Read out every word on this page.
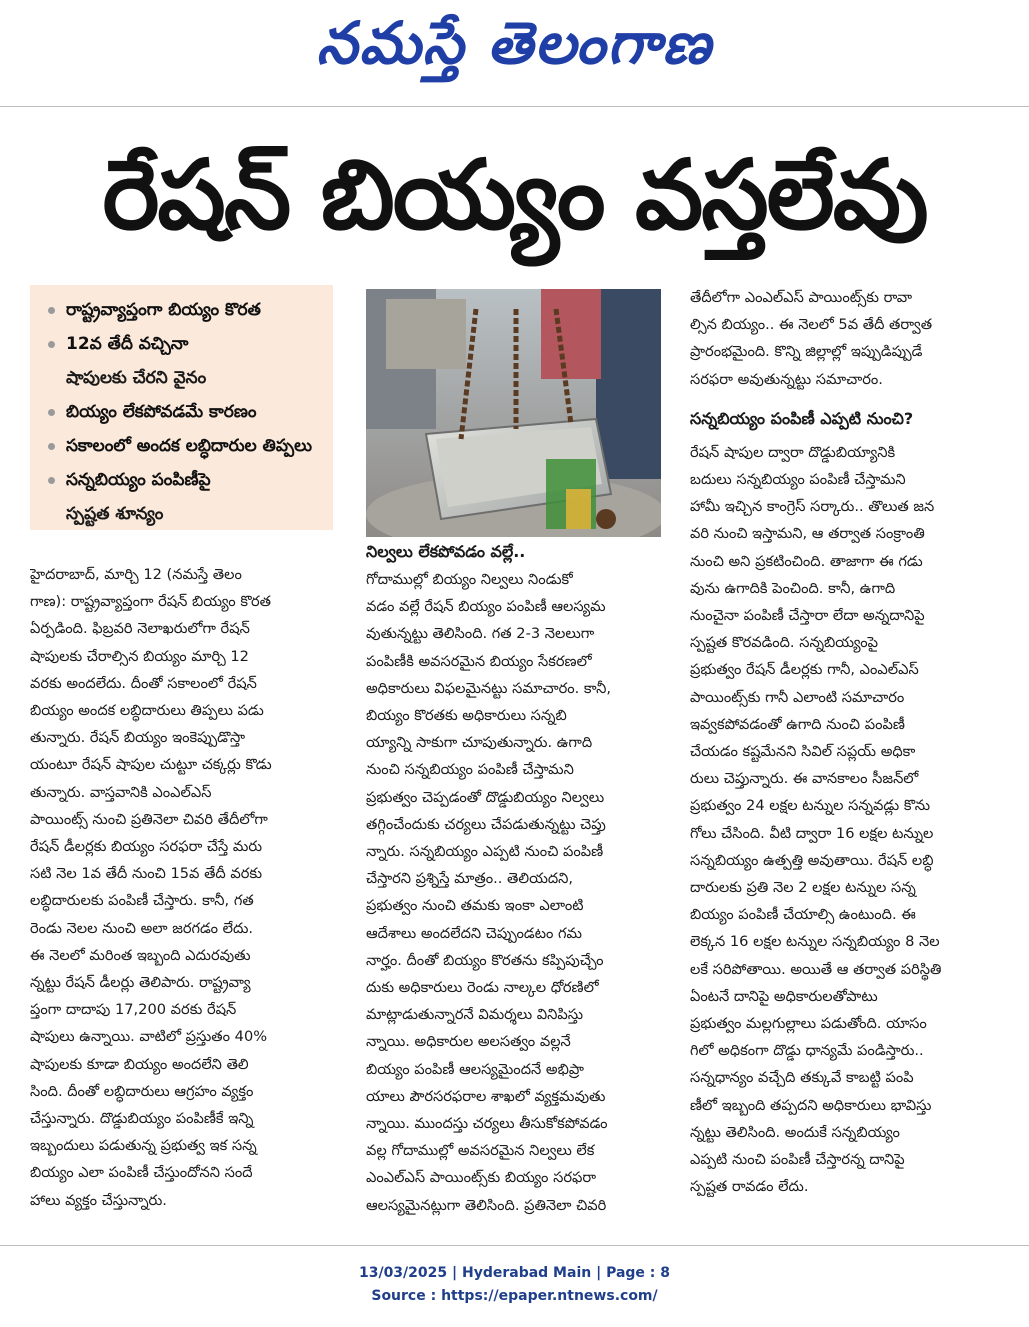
నమస్తే తెలంగాణ
రేషన్ బియ్యం వస్తలేవు
రాష్ట్రవ్యాప్తంగా బియ్యం కొరత
12వ తేదీ వచ్చినా
షాపులకు చేరని వైనం
బియ్యం లేకపోవడమే కారణం
సకాలంలో అందక లబ్ధిదారుల తిప్పలు
సన్నబియ్యం పంపిణీపై
స్పష్టత శూన్యం
హైదరాబాద్, మార్చి 12 (నమస్తే తెలం
గాణ): రాష్ట్రవ్యాప్తంగా రేషన్ బియ్యం కొరత
ఏర్పడింది. ఫిబ్రవరి నెలాఖరులోగా రేషన్
షాపులకు చేరాల్సిన బియ్యం మార్చి 12
వరకు అందలేదు. దీంతో సకాలంలో రేషన్
బియ్యం అందక లబ్ధిదారులు తిప్పలు పడు
తున్నారు. రేషన్ బియ్యం ఇంకెప్పుడొస్తా
యంటూ రేషన్ షాపుల చుట్టూ చక్కర్లు కొడు
తున్నారు. వాస్తవానికి ఎంఎల్ఎస్
పాయింట్స్ నుంచి ప్రతినెలా చివరి తేదీలోగా
రేషన్ డీలర్లకు బియ్యం సరఫరా చేస్తే మరు
సటి నెల 1వ తేదీ నుంచి 15వ తేదీ వరకు
లబ్ధిదారులకు పంపిణీ చేస్తారు. కానీ, గత
రెండు నెలల నుంచి అలా జరగడం లేదు.
ఈ నెలలో మరింత ఇబ్బంది ఎదురవుతు
న్నట్టు రేషన్ డీలర్లు తెలిపారు. రాష్ట్రవ్యా
ప్తంగా దాదాపు 17,200 వరకు రేషన్
షాపులు ఉన్నాయి. వాటిలో ప్రస్తుతం 40%
షాపులకు కూడా బియ్యం అందలేని తెలి
సింది. దీంతో లబ్ధిదారులు ఆగ్రహం వ్యక్తం
చేస్తున్నారు. దొడ్డుబియ్యం పంపిణీకే ఇన్ని
ఇబ్బందులు పడుతున్న ప్రభుత్వ ఇక సన్న
బియ్యం ఎలా పంపిణీ చేస్తుందోనని సందే
హాలు వ్యక్తం చేస్తున్నారు.
నిల్వలు లేకపోవడం వల్లే..
గోదాముల్లో బియ్యం నిల్వలు నిండుకో
వడం వల్లే రేషన్ బియ్యం పంపిణీ ఆలస్యమ
వుతున్నట్టు తెలిసింది. గత 2-3 నెలలుగా
పంపిణీకి అవసరమైన బియ్యం సేకరణలో
అధికారులు విఫలమైనట్టు సమాచారం. కానీ,
బియ్యం కొరతకు అధికారులు సన్నబి
య్యాన్ని సాకుగా చూపుతున్నారు. ఉగాది
నుంచి సన్నబియ్యం పంపిణీ చేస్తామని
ప్రభుత్వం చెప్పడంతో దొడ్డుబియ్యం నిల్వలు
తగ్గించేందుకు చర్యలు చేపడుతున్నట్టు చెప్తు
న్నారు. సన్నబియ్యం ఎప్పటి నుంచి పంపిణీ
చేస్తారని ప్రశ్నిస్తే మాత్రం.. తెలియదని,
ప్రభుత్వం నుంచి తమకు ఇంకా ఎలాంటి
ఆదేశాలు అందలేదని చెప్పుండటం గమ
నార్హం. దీంతో బియ్యం కొరతను కప్పిపుచ్చేం
దుకు అధికారులు రెండు నాల్కల ధోరణిలో
మాట్లాడుతున్నారనే విమర్శలు వినిపిస్తు
న్నాయి. అధికారుల అలసత్వం వల్లనే
బియ్యం పంపిణీ ఆలస్యమైందనే అభిప్రా
యాలు పౌరసరఫరాల శాఖలో వ్యక్తమవుతు
న్నాయి. ముందస్తు చర్యలు తీసుకోకపోవడం
వల్ల గోదాముల్లో అవసరమైన నిల్వలు లేక
ఎంఎల్ఎస్ పాయింట్స్‌కు బియ్యం సరఫరా
ఆలస్యమైనట్లుగా తెలిసింది. ప్రతినెలా చివరి
తేదీలోగా ఎంఎల్ఎస్ పాయింట్స్‌కు రావా
ల్సిన బియ్యం.. ఈ నెలలో 5వ తేదీ తర్వాత
ప్రారంభమైంది. కొన్ని జిల్లాల్లో ఇప్పుడిప్పుడే
సరఫరా అవుతున్నట్టు సమాచారం.
సన్నబియ్యం పంపిణీ ఎప్పటి నుంచి?
రేషన్ షాపుల ద్వారా దొడ్డుబియ్యానికి
బదులు సన్నబియ్యం పంపిణీ చేస్తామని
హామీ ఇచ్చిన కాంగ్రెస్ సర్కారు.. తొలుత జన
వరి నుంచి ఇస్తామని, ఆ తర్వాత సంక్రాంతి
నుంచి అని ప్రకటించింది. తాజాగా ఈ గడు
వును ఉగాదికి పెంచింది. కానీ, ఉగాది
నుంచైనా పంపిణీ చేస్తారా లేదా అన్నదానిపై
స్పష్టత కొరవడింది. సన్నబియ్యంపై
ప్రభుత్వం రేషన్ డీలర్లకు గానీ, ఎంఎల్ఎస్
పాయింట్స్‌కు గానీ ఎలాంటి సమాచారం
ఇవ్వకపోవడంతో ఉగాది నుంచి పంపిణీ
చేయడం కష్టమేనని సివిల్ సప్లయ్ అధికా
రులు చెప్తున్నారు. ఈ వానకాలం సీజన్‌లో
ప్రభుత్వం 24 లక్షల టన్నుల సన్నవడ్లు కొను
గోలు చేసింది. వీటి ద్వారా 16 లక్షల టన్నుల
సన్నబియ్యం ఉత్పత్తి అవుతాయి. రేషన్ లబ్ధి
దారులకు ప్రతి నెల 2 లక్షల టన్నుల సన్న
బియ్యం పంపిణీ చేయాల్సి ఉంటుంది. ఈ
లెక్కన 16 లక్షల టన్నుల సన్నబియ్యం 8 నెల
లకే సరిపోతాయి. అయితే ఆ తర్వాత పరిస్థితి
ఏంటనే దానిపై అధికారులతోపాటు
ప్రభుత్వం మల్లగుల్లాలు పడుతోంది. యాసం
గిలో అధికంగా దొడ్డు ధాన్యమే పండిస్తారు..
సన్నధాన్యం వచ్చేది తక్కువే కాబట్టి పంపి
ణీలో ఇబ్బంది తప్పదని అధికారులు భావిస్తు
న్నట్టు తెలిసింది. అందుకే సన్నబియ్యం
ఎప్పటి నుంచి పంపిణీ చేస్తారన్న దానిపై
స్పష్టత రావడం లేదు.
13/03/2025 | Hyderabad Main | Page : 8
Source : https://epaper.ntnews.com/
